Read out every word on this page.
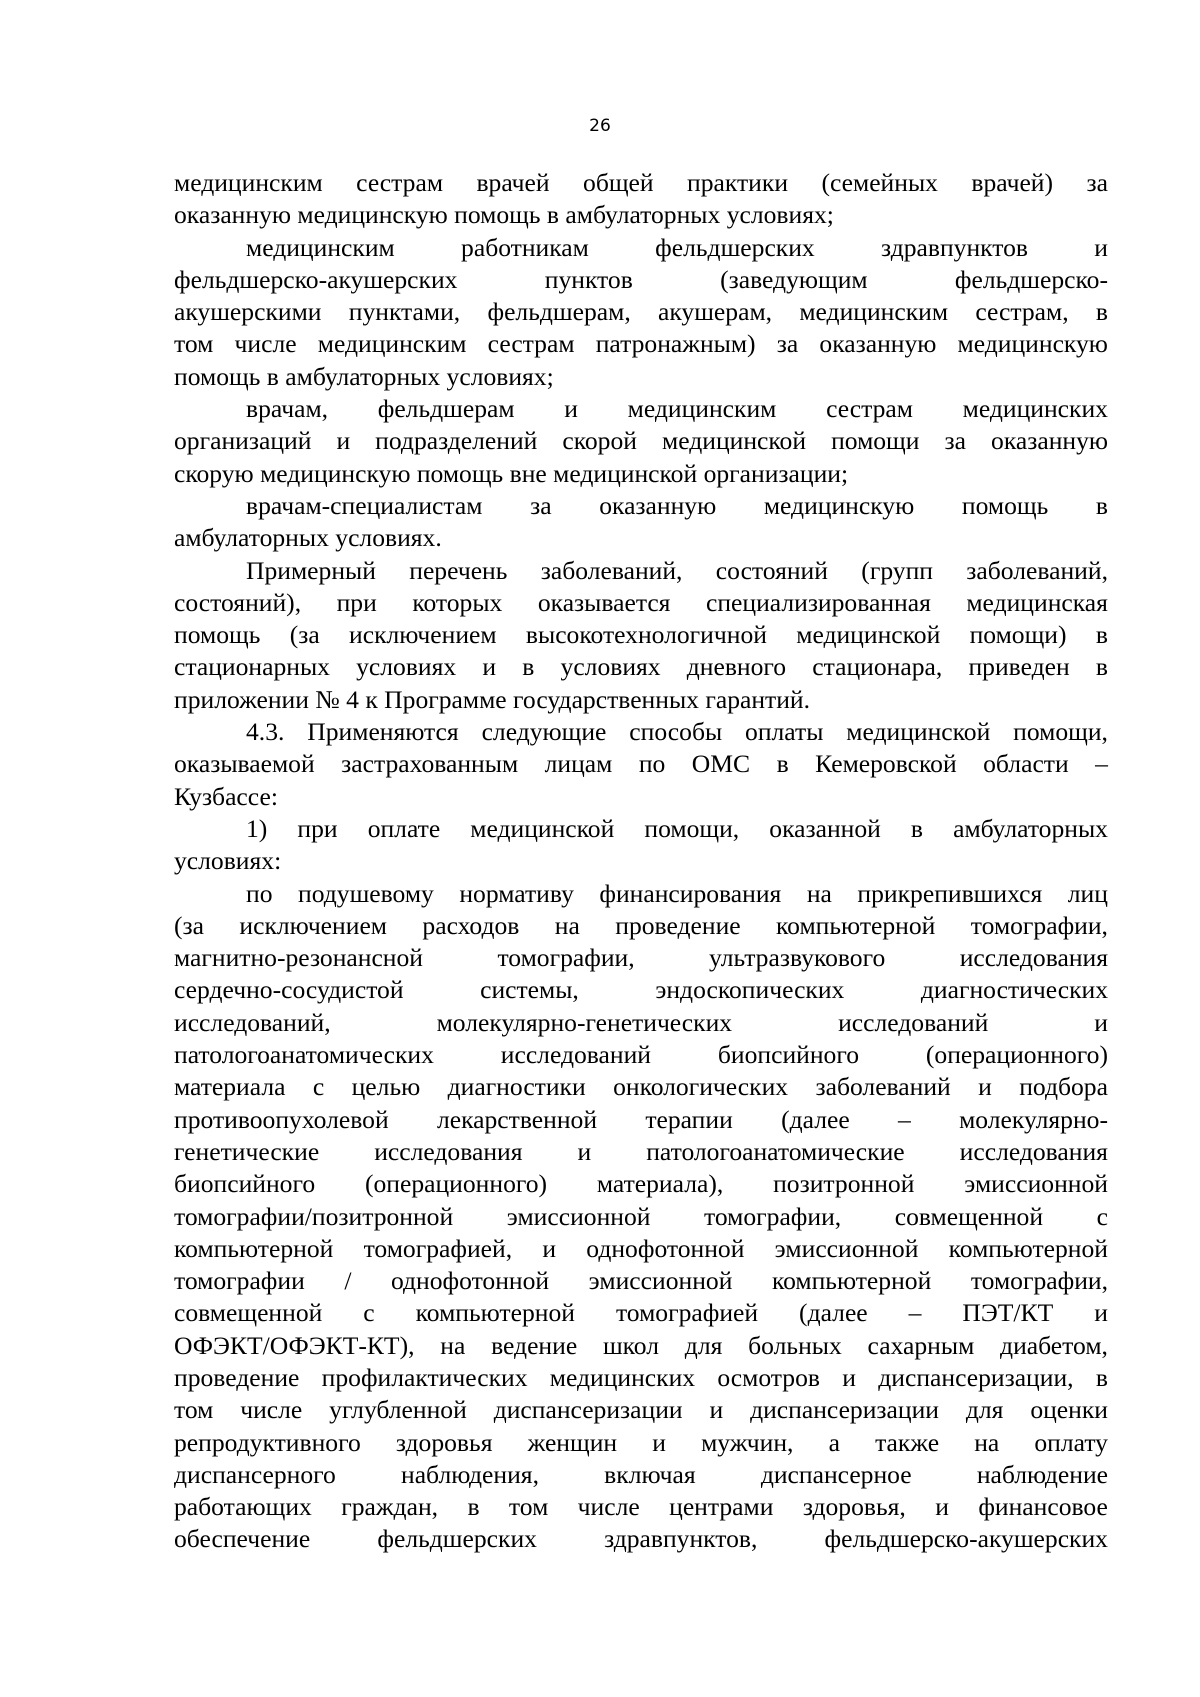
26
медицинским сестрам врачей общей практики (семейных врачей) за
оказанную медицинскую помощь в амбулаторных условиях;
медицинским	работникам	фельдшерских	здравпунктов	и
фельдшерско-акушерских	пунктов	(заведующим	фельдшерско-
акушерскими пунктами, фельдшерам, акушерам, медицинским сестрам, в
том числе медицинским сестрам патронажным) за оказанную медицинскую
помощь в амбулаторных условиях;
врачам, фельдшерам и медицинским сестрам медицинских
организаций и подразделений скорой медицинской помощи за оказанную
скорую медицинскую помощь вне медицинской организации;
врачам-специалистам за оказанную медицинскую помощь в
амбулаторных условиях.
Примерный перечень заболеваний, состояний (групп заболеваний,
состояний), при которых оказывается специализированная медицинская
помощь (за исключением высокотехнологичной медицинской помощи) в
стационарных условиях и в условиях дневного стационара, приведен в
приложении № 4 к Программе государственных гарантий.
4.3. Применяются следующие способы оплаты медицинской помощи,
оказываемой застрахованным лицам по ОМС в Кемеровской области –
Кузбассе:
1) при оплате медицинской помощи, оказанной в амбулаторных
условиях:
по подушевому нормативу финансирования на прикрепившихся лиц
(за исключением расходов на проведение компьютерной томографии,
магнитно-резонансной	томографии,	ультразвукового	исследования
сердечно-сосудистой	системы,	эндоскопических	диагностических
исследований,	молекулярно-генетических	исследований	и
патологоанатомических	исследований	биопсийного	(операционного)
материала с целью диагностики онкологических заболеваний и подбора
противоопухолевой лекарственной терапии (далее – молекулярно-
генетические исследования и патологоанатомические исследования
биопсийного (операционного) материала), позитронной эмиссионной
томографии/позитронной эмиссионной томографии, совмещенной с
компьютерной томографией, и однофотонной эмиссионной компьютерной
томографии / однофотонной эмиссионной компьютерной томографии,
совмещенной с компьютерной томографией (далее – ПЭТ/КТ и
ОФЭКТ/ОФЭКТ-КТ), на ведение школ для больных сахарным диабетом,
проведение профилактических медицинских осмотров и диспансеризации, в
том числе углубленной диспансеризации и диспансеризации для оценки
репродуктивного здоровья женщин и мужчин, а также на оплату
диспансерного	наблюдения,	включая	диспансерное	наблюдение
работающих граждан, в том числе центрами здоровья, и финансовое
обеспечение	фельдшерских	здравпунктов,	фельдшерско-акушерских
